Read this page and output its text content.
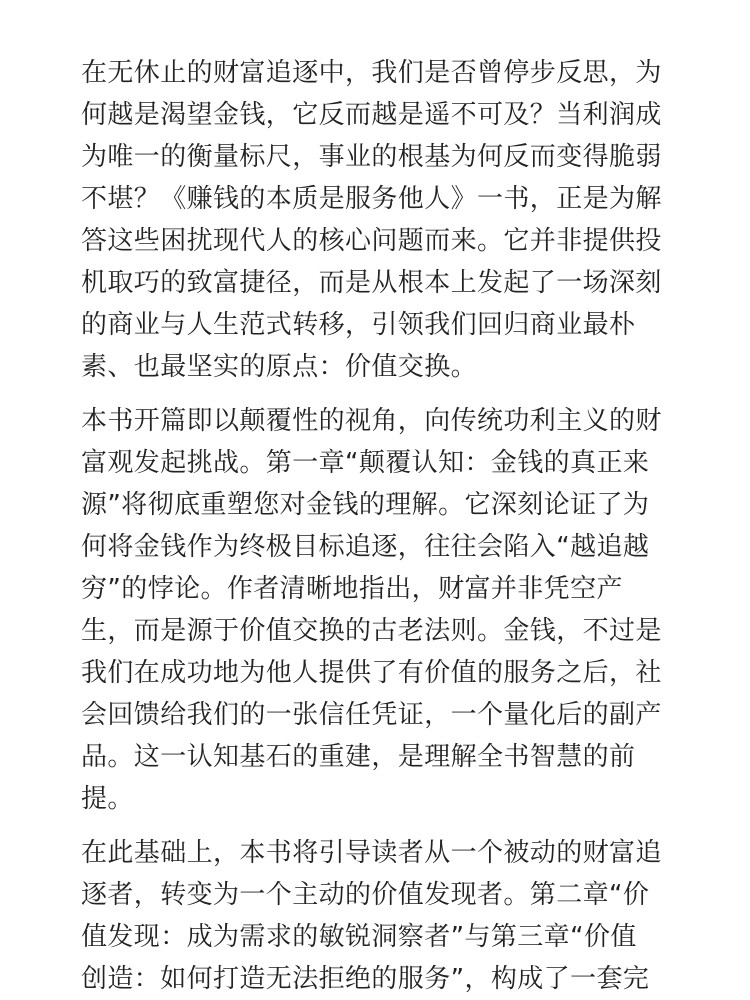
在无休止的财富追逐中，我们是否曾停步反思，为
何越是渴望金钱，它反而越是遥不可及？当利润成
为唯一的衡量标尺，事业的根基为何反而变得脆弱
不堪？《赚钱的本质是服务他人》一书，正是为解
答这些困扰现代人的核心问题而来。它并非提供投
机取巧的致富捷径，而是从根本上发起了一场深刻
的商业与人生范式转移，引领我们回归商业最朴
素、也最坚实的原点：价值交换。

本书开篇即以颠覆性的视角，向传统功利主义的财
富观发起挑战。第一章“颠覆认知：金钱的真正来
源”将彻底重塑您对金钱的理解。它深刻论证了为
何将金钱作为终极目标追逐，往往会陷入“越追越
穷”的悖论。作者清晰地指出，财富并非凭空产
生，而是源于价值交换的古老法则。金钱，不过是
我们在成功地为他人提供了有价值的服务之后，社
会回馈给我们的一张信任凭证，一个量化后的副产
品。这一认知基石的重建，是理解全书智慧的前
提。

在此基础上，本书将引导读者从一个被动的财富追
逐者，转变为一个主动的价值发现者。第二章“价
值发现：成为需求的敏锐洞察者”与第三章“价值
创造：如何打造无法拒绝的服务”，构成了一套完
